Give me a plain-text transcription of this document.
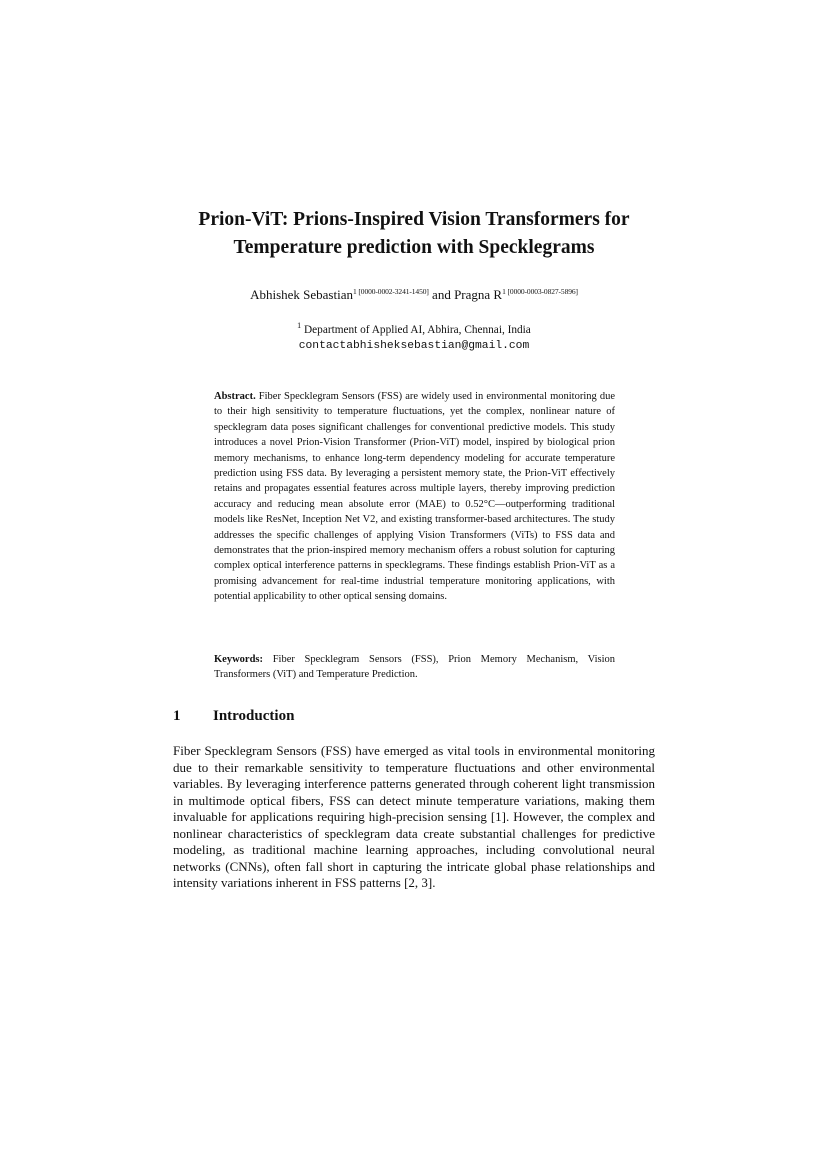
Prion-ViT: Prions-Inspired Vision Transformers for
Temperature prediction with Specklegrams
Abhishek Sebastian$^{1 [0000-0002-3241-1450]}$ and Pragna $R^{1 [0000-0003-0827-5896]}$
$^1$ Department of Applied AI, Abhira, Chennai, India
contactabhisheksebastian@gmail.com

Abstract. Fiber Specklegram Sensors (FSS) are widely used in environmental monitoring due to their high sensitivity to temperature fluctuations, yet the complex, nonlinear nature of specklegram data poses significant challenges for conventional predictive models. This study introduces a novel Prion-Vision Transformer (Prion-ViT) model, inspired by biological prion memory mechanisms, to enhance long-term dependency modeling for accurate temperature prediction using FSS data. By leveraging a persistent memory state, the Prion-ViT effectively retains and propagates essential features across multiple layers, thereby improving prediction accuracy and reducing mean absolute error (MAE) to 0.52°C—outperforming traditional models like ResNet, Inception Net V2, and existing transformer-based architectures. The study addresses the specific challenges of applying Vision Transformers (ViTs) to FSS data and demonstrates that the prion-inspired memory mechanism offers a robust solution for capturing complex optical interference patterns in specklegrams. These findings establish Prion-ViT as a promising advancement for real-time industrial temperature monitoring applications, with potential applicability to other optical sensing domains.

Keywords: Fiber Specklegram Sensors (FSS), Prion Memory Mechanism, Vision Transformers (ViT) and Temperature Prediction.

1 Introduction

Fiber Specklegram Sensors (FSS) have emerged as vital tools in environmental monitoring due to their remarkable sensitivity to temperature fluctuations and other environmental variables. By leveraging interference patterns generated through coherent light transmission in multimode optical fibers, FSS can detect minute temperature variations, making them invaluable for applications requiring high-precision sensing [1]. However, the complex and nonlinear characteristics of specklegram data create substantial challenges for predictive modeling, as traditional machine learning approaches, including convolutional neural networks (CNNs), often fall short in capturing the intricate global phase relationships and intensity variations inherent in FSS patterns [2, 3].
